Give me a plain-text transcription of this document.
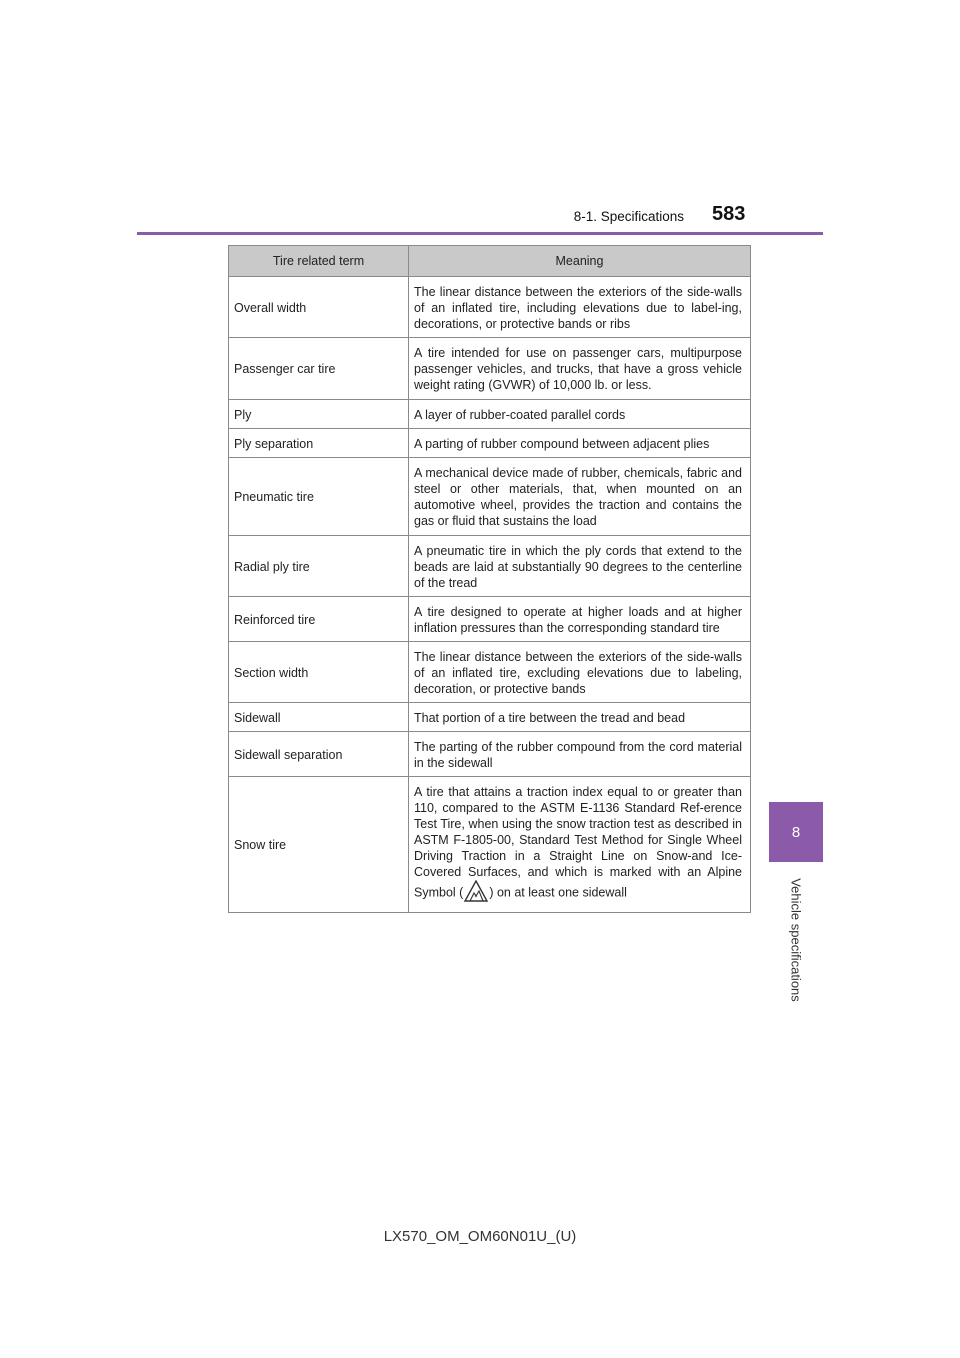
8-1. Specifications 583
8
Vehicle specifications
Tire related term	Meaning
Overall width	The linear distance between the exteriors of the side-walls of an inflated tire, including elevations due to label-ing, decorations, or protective bands or ribs
Passenger car tire	A tire intended for use on passenger cars, multipurpose passenger vehicles, and trucks, that have a gross vehicle weight rating (GVWR) of 10,000 lb. or less.
Ply	A layer of rubber-coated parallel cords
Ply separation	A parting of rubber compound between adjacent plies
Pneumatic tire	A mechanical device made of rubber, chemicals, fabric and steel or other materials, that, when mounted on an automotive wheel, provides the traction and contains the gas or fluid that sustains the load
Radial ply tire	A pneumatic tire in which the ply cords that extend to the beads are laid at substantially 90 degrees to the centerline of the tread
Reinforced tire	A tire designed to operate at higher loads and at higher inflation pressures than the corresponding standard tire
Section width	The linear distance between the exteriors of the side-walls of an inflated tire, excluding elevations due to labeling, decoration, or protective bands
Sidewall	That portion of a tire between the tread and bead
Sidewall separation	The parting of the rubber compound from the cord material in the sidewall
Snow tire	A tire that attains a traction index equal to or greater than 110, compared to the ASTM E-1136 Standard Ref-erence Test Tire, when using the snow traction test as described in ASTM F-1805-00, Standard Test Method for Single Wheel Driving Traction in a Straight Line on Snow-and Ice-Covered Surfaces, and which is marked with an Alpine Symbol ( * ) on at least one sidewall
LX570_OM_OM60N01U_(U)
